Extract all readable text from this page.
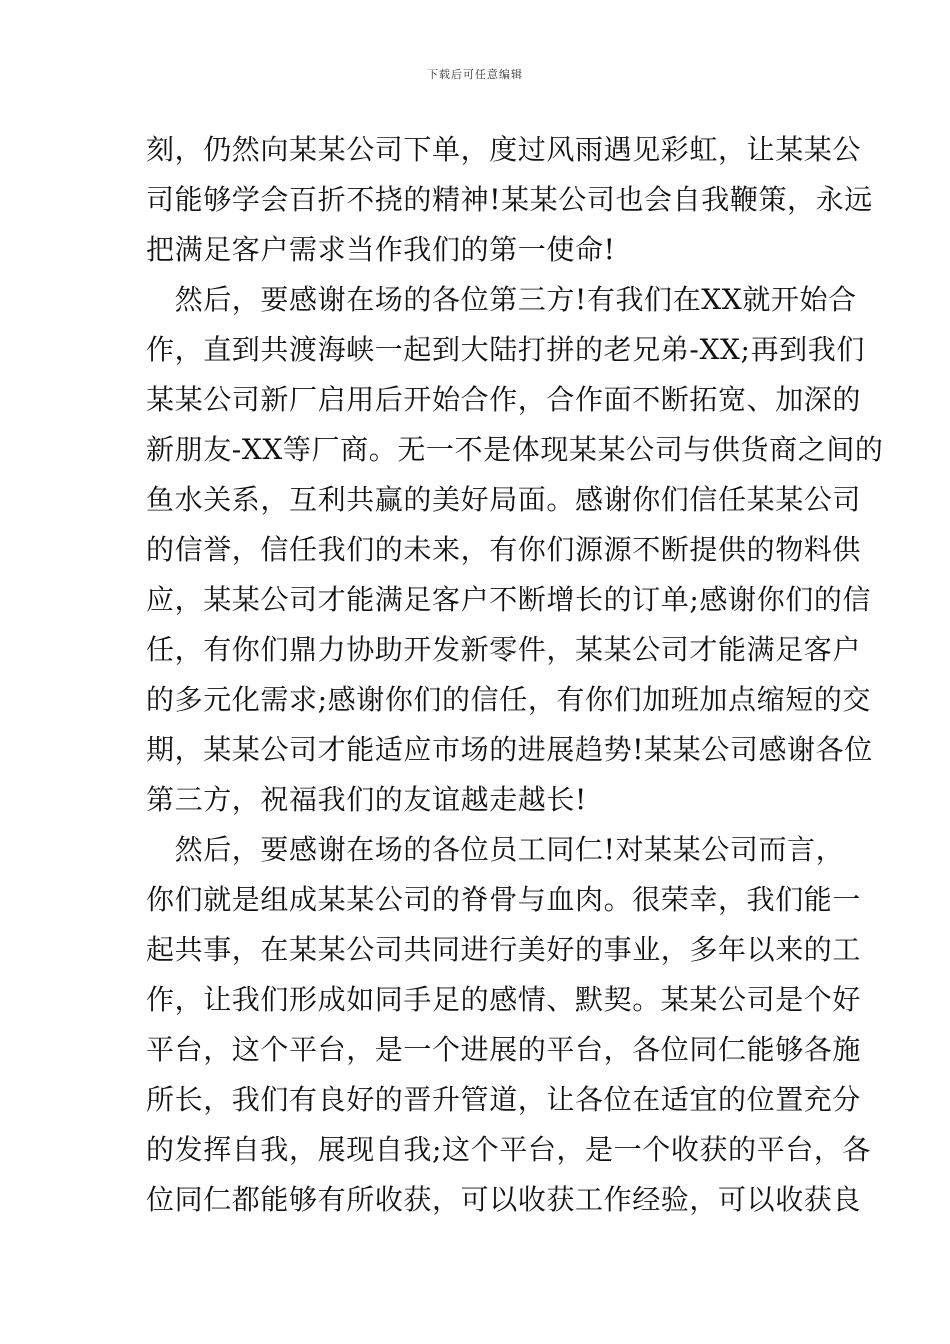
下载后可任意编辑
刻，仍然向某某公司下单，度过风雨遇见彩虹，让某某公
司能够学会百折不挠的精神!某某公司也会自我鞭策，永远
把满足客户需求当作我们的第一使命!
　然后，要感谢在场的各位第三方!有我们在XX就开始合
作，直到共渡海峡一起到大陆打拼的老兄弟-XX;再到我们
某某公司新厂启用后开始合作，合作面不断拓宽、加深的
新朋友-XX等厂商。无一不是体现某某公司与供货商之间的
鱼水关系，互利共赢的美好局面。感谢你们信任某某公司
的信誉，信任我们的未来，有你们源源不断提供的物料供
应，某某公司才能满足客户不断增长的订单;感谢你们的信
任，有你们鼎力协助开发新零件，某某公司才能满足客户
的多元化需求;感谢你们的信任，有你们加班加点缩短的交
期，某某公司才能适应市场的进展趋势!某某公司感谢各位
第三方，祝福我们的友谊越走越长!
　然后，要感谢在场的各位员工同仁!对某某公司而言，
你们就是组成某某公司的脊骨与血肉。很荣幸，我们能一
起共事，在某某公司共同进行美好的事业，多年以来的工
作，让我们形成如同手足的感情、默契。某某公司是个好
平台，这个平台，是一个进展的平台，各位同仁能够各施
所长，我们有良好的晋升管道，让各位在适宜的位置充分
的发挥自我，展现自我;这个平台，是一个收获的平台，各
位同仁都能够有所收获，可以收获工作经验，可以收获良
